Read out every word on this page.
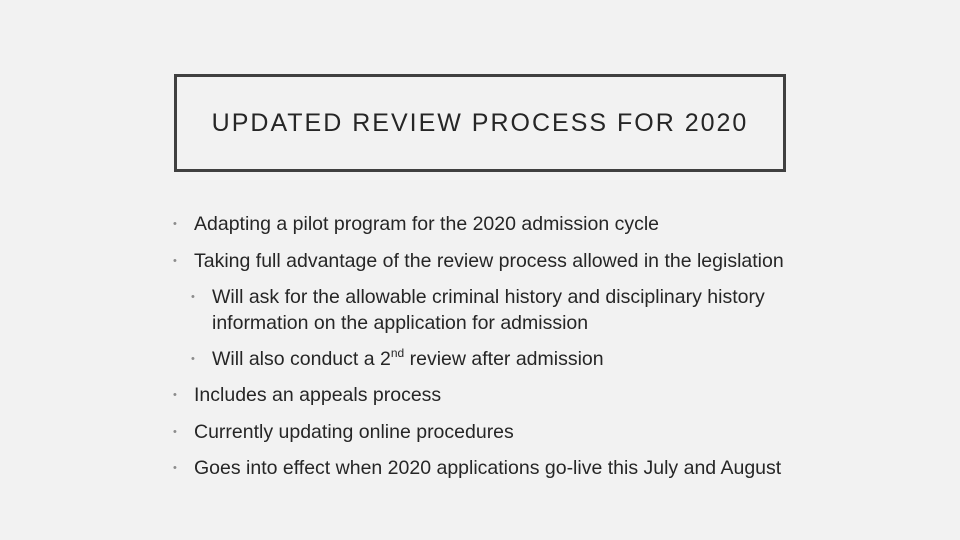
UPDATED REVIEW PROCESS FOR 2020
• Adapting a pilot program for the 2020 admission cycle
• Taking full advantage of the review process allowed in the legislation
• Will ask for the allowable criminal history and disciplinary history information on the application for admission
• Will also conduct a 2nd review after admission
• Includes an appeals process
• Currently updating online procedures
• Goes into effect when 2020 applications go-live this July and August
